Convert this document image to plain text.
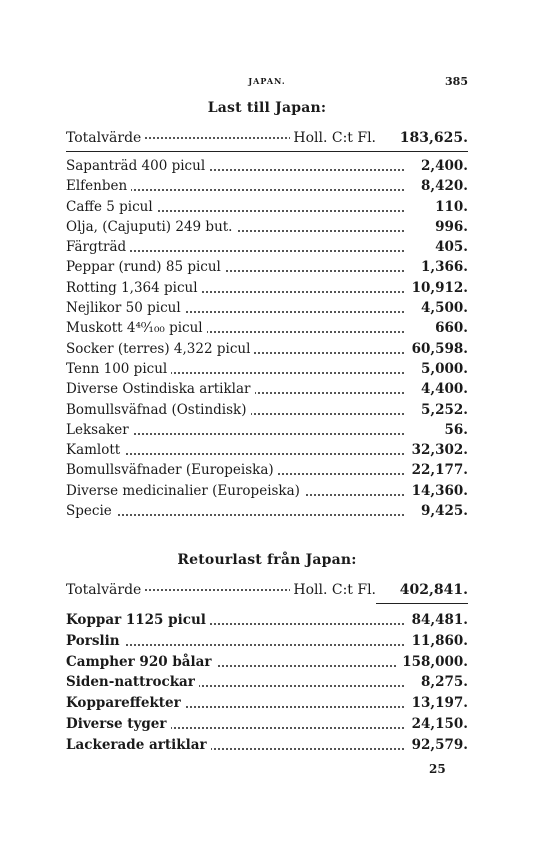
JAPAN.	385
Last till Japan:
Totalvärde	Holl. C:t Fl. 183,625.
Sapanträd 400 picul	2,400.
Elfenben	8,420.
Caffe 5 picul	110.
Olja, (Cajuputi) 249 but.	996.
Färgträd	405.
Peppar (rund) 85 picul	1,366.
Rotting 1,364 picul	10,912.
Nejlikor 50 picul	4,500.
Muskott 4⁴⁰⁄₁₀₀ picul	660.
Socker (terres) 4,322 picul	60,598.
Tenn 100 picul	5,000.
Diverse Ostindiska artiklar	4,400.
Bomullsväfnad (Ostindisk)	5,252.
Leksaker	56.
Kamlott	32,302.
Bomullsväfnader (Europeiska)	22,177.
Diverse medicinalier (Europeiska)	14,360.
Specie	9,425.
Retourlast från Japan:
Totalvärde	Holl. C:t Fl. 402,841.
Koppar 1125 picul	84,481.
Porslin	11,860.
Campher 920 bålar	158,000.
Siden-nattrockar	8,275.
Koppareffekter	13,197.
Diverse tyger	24,150.
Lackerade artiklar	92,579.
25
